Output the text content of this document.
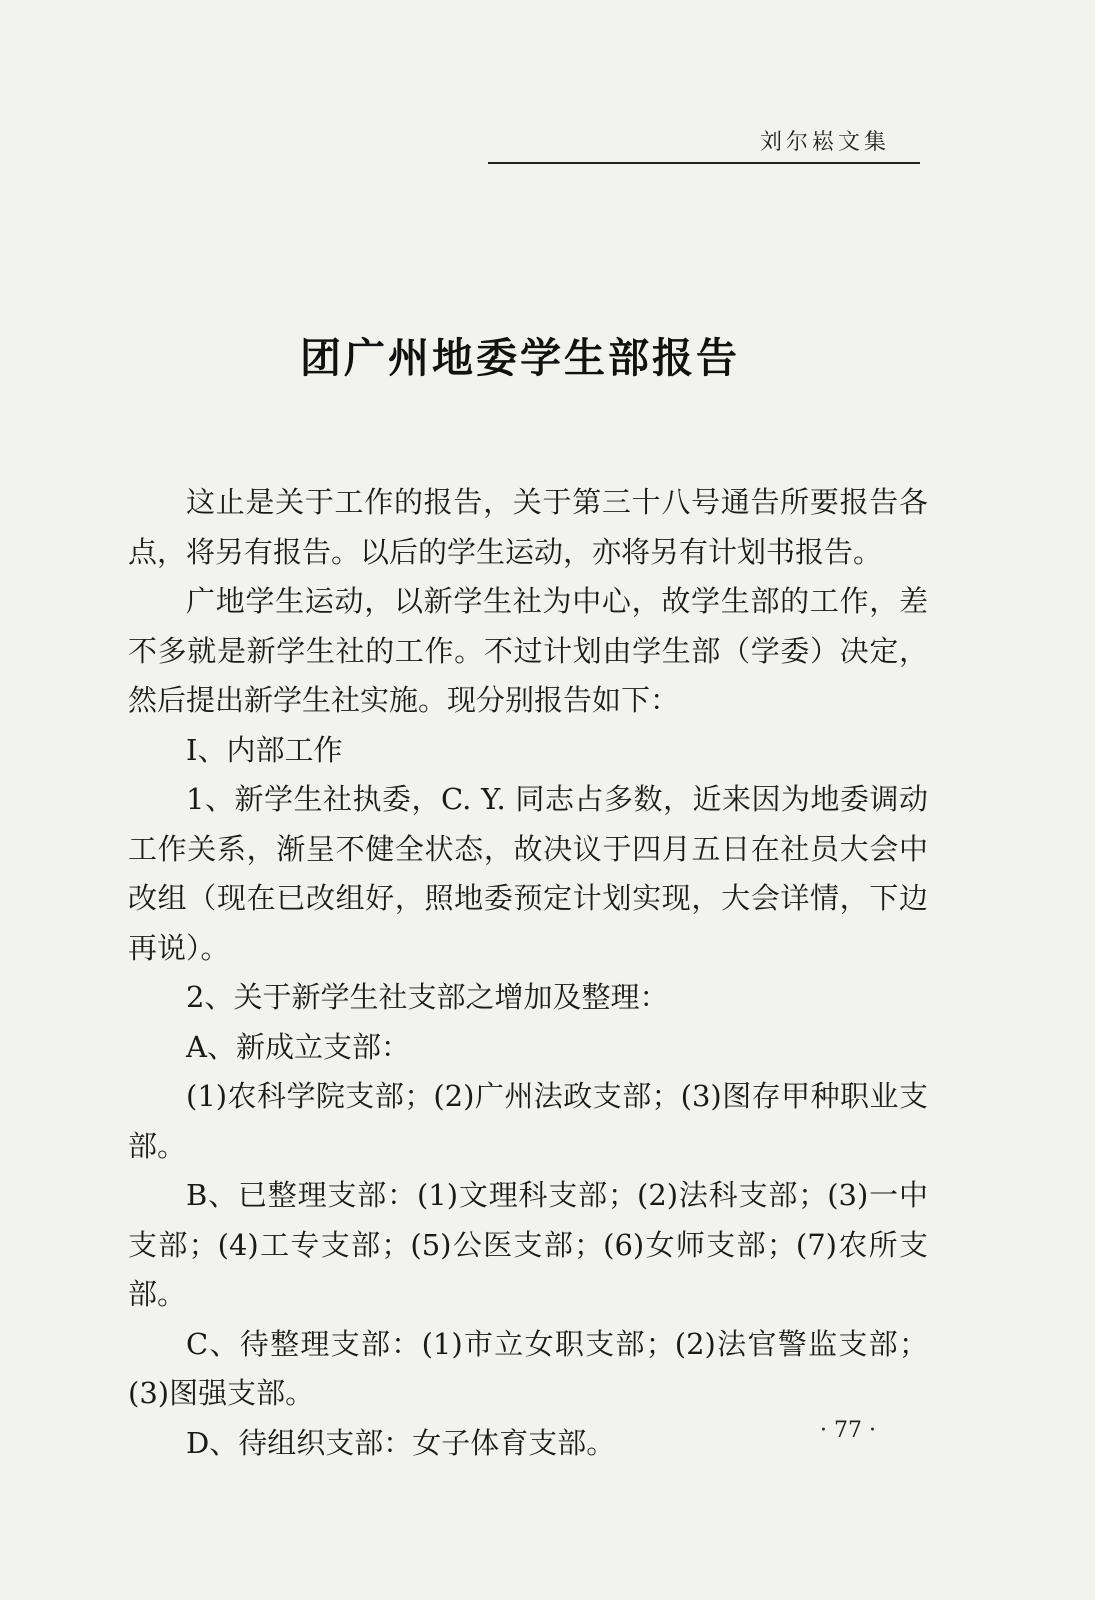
刘尔崧文集
团广州地委学生部报告

这止是关于工作的报告，关于第三十八号通告所要报告各点，将另有报告。以后的学生运动，亦将另有计划书报告。

广地学生运动，以新学生社为中心，故学生部的工作，差不多就是新学生社的工作。不过计划由学生部（学委）决定，然后提出新学生社实施。现分别报告如下：

I、内部工作

1、新学生社执委，C. Y. 同志占多数，近来因为地委调动工作关系，渐呈不健全状态，故决议于四月五日在社员大会中改组（现在已改组好，照地委预定计划实现，大会详情，下边再说）。

2、关于新学生社支部之增加及整理：

A、新成立支部：

(1)农科学院支部；(2)广州法政支部；(3)图存甲种职业支部。

B、已整理支部：(1)文理科支部；(2)法科支部；(3)一中支部；(4)工专支部；(5)公医支部；(6)女师支部；(7)农所支部。

C、待整理支部：(1)市立女职支部；(2)法官警监支部；(3)图强支部。

D、待组织支部：女子体育支部。	· 77 ·
